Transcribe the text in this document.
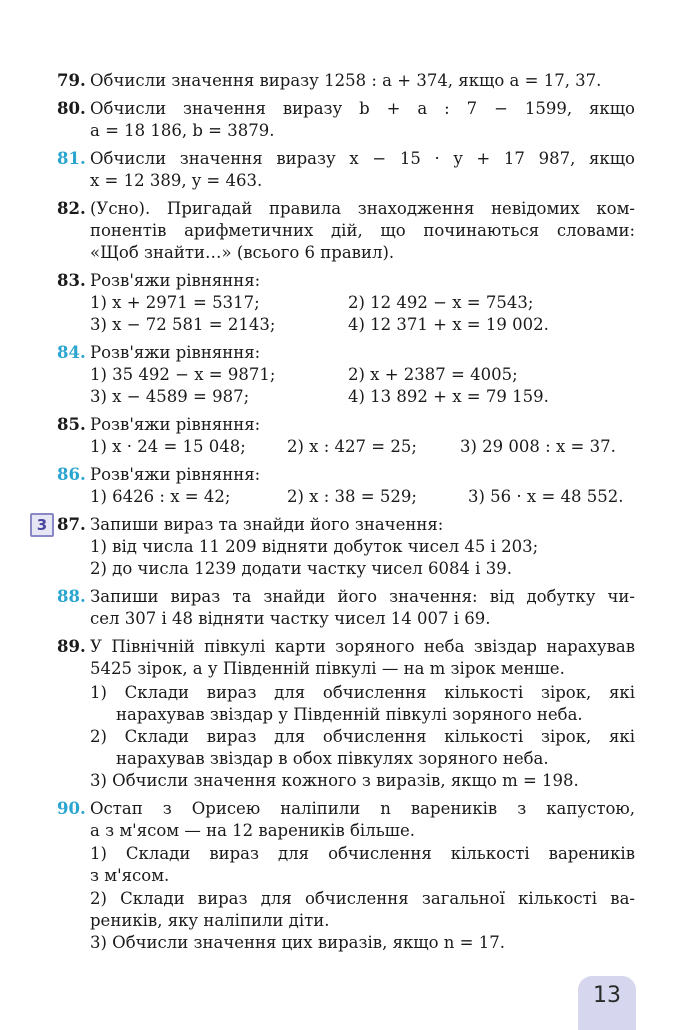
79. Обчисли значення виразу 1258 : a + 374, якщо a = 17, 37.
80. Обчисли значення виразу b + a : 7 − 1599, якщо
a = 18 186, b = 3879.
81. Обчисли значення виразу x − 15 · y + 17 987, якщо
x = 12 389, y = 463.
82. (Усно). Пригадай правила знаходження невідомих ком-
понентів арифметичних дій, що починаються словами:
«Щоб знайти…» (всього 6 правил).
83. Розв'яжи рівняння:
1) x + 2971 = 5317;	2) 12 492 − x = 7543;
3) x − 72 581 = 2143;	4) 12 371 + x = 19 002.
84. Розв'яжи рівняння:
1) 35 492 − x = 9871;	2) x + 2387 = 4005;
3) x − 4589 = 987;	4) 13 892 + x = 79 159.
85. Розв'яжи рівняння:
1) x · 24 = 15 048; 2) x : 427 = 25;	3) 29 008 : x = 37.
86. Розв'яжи рівняння:
1) 6426 : x = 42;	2) x : 38 = 529;	3) 56 · x = 48 552.
3 87. Запиши вираз та знайди його значення:
1) від числа 11 209 відняти добуток чисел 45 і 203;
2) до числа 1239 додати частку чисел 6084 і 39.
88. Запиши вираз та знайди його значення: від добутку чи-
сел 307 і 48 відняти частку чисел 14 007 і 69.
89. У Північній півкулі карти зоряного неба звіздар нарахував
5425 зірок, а у Південній півкулі — на m зірок менше.
1) Склади вираз для обчислення кількості зірок, які
нарахував звіздар у Південній півкулі зоряного неба.
2) Склади вираз для обчислення кількості зірок, які
нарахував звіздар в обох півкулях зоряного неба.
3) Обчисли значення кожного з виразів, якщо m = 198.
90. Остап з Орисею наліпили n вареників з капустою,
а з м'ясом — на 12 вареників більше.
1) Склади вираз для обчислення кількості вареників
з м'ясом.
2) Склади вираз для обчислення загальної кількості ва-
реників, яку наліпили діти.
3) Обчисли значення цих виразів, якщо n = 17.
13
